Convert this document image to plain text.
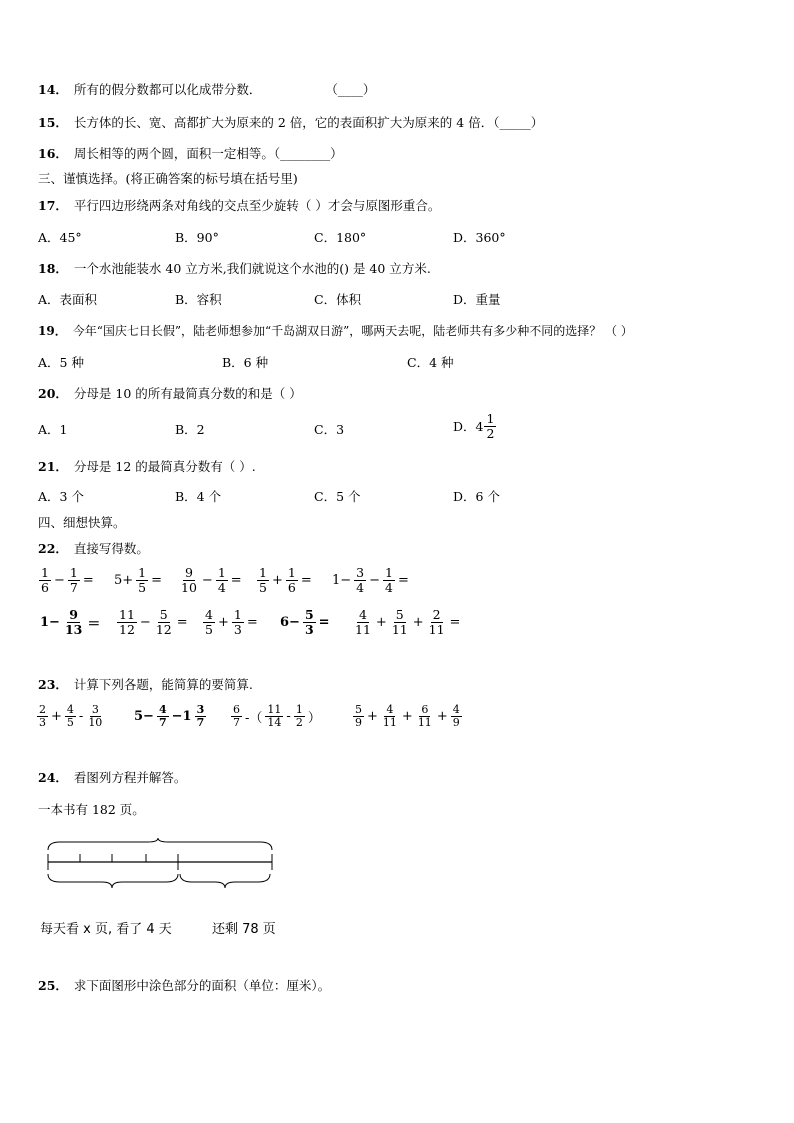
14． 所有的假分数都可以化成带分数．	（____）
15． 长方体的长、宽、高都扩大为原来的 2 倍，它的表面积扩大为原来的 4 倍．（_____）
16． 周长相等的两个圆，面积一定相等。（________）
三、谨慎选择。(将正确答案的标号填在括号里)
17． 平行四边形绕两条对角线的交点至少旋转（ ）才会与原图形重合。
A．45°	B．90°	C．180°	D．360°
18． 一个水池能装水 40 立方米,我们就说这个水池的() 是 40 立方米.
A．表面积	B．容积	C．体积	D．重量
19． 今年“国庆七日长假”，陆老师想参加“千岛湖双日游”，哪两天去呢，陆老师共有多少种不同的选择？ （ ）
A．5 种	B．6 种	C．4 种
20． 分母是 10 的所有最简真分数的和是（ ）
A．1	B．2	C．3	D．$4 \frac{1}{2}$
21． 分母是 12 的最简真分数有（ ）.
A．3 个	B．4 个	C．5 个	D．6 个
四、细想快算。
22． 直接写得数。
$\frac{1}{6} - \frac{1}{7} = 5+ \frac{1}{5} = \frac{9}{10} - \frac{1}{4} = \frac{1}{5} + \frac{1}{6} = 1- \frac{3}{4} - \frac{1}{4}$ =
$1- \frac{9}{13} = \frac{11}{12} - \frac{5}{12} = \frac{4}{5} + \frac{1}{3} = 6- \frac{5}{3} = \frac{4}{11} + \frac{5}{11} + \frac{2}{11}$ =
23． 计算下列各题，能简算的要简算.
$\frac{2}{3} + \frac{4}{5} - \frac{3}{10} 5- \frac{4}{7} -1 \frac{3}{7} \frac{6}{7}$ -（ $\frac{11}{14} - \frac{1}{2}$ ）	$\frac{5}{9} + \frac{4}{11} + \frac{6}{11} + \frac{4}{9}$
24． 看图列方程并解答。
一本书有 182 页。
每天看 x 页, 看了 4 天	还剩 78 页
25． 求下面图形中涂色部分的面积（单位：厘米）。
